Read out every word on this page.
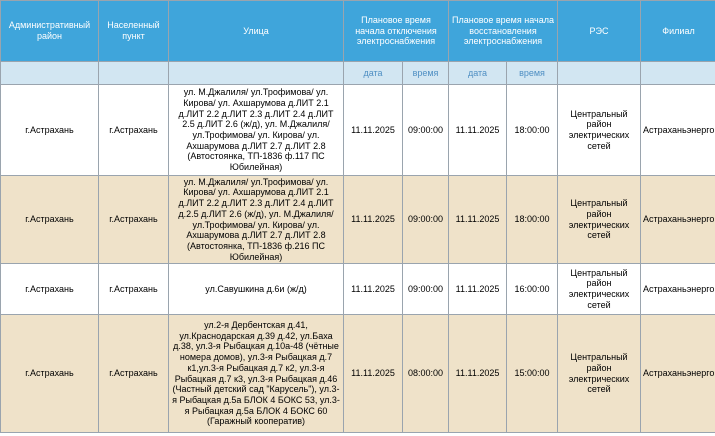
Административный район	Населенный пункт	Улица	Плановое время начала отключения электроснабжения		Плановое время начала восстановления электроснабжения		РЭС	Филиал
			дата	время	дата	время		
г.Астрахань	г.Астрахань	ул. М.Джалиля/ ул.Трофимова/ ул. Кирова/ ул. Ахшарумова д.ЛИТ 2.1 д.ЛИТ 2.2 д.ЛИТ 2.3 д.ЛИТ 2.4 д.ЛИТ 2.5 д.ЛИТ 2.6 (ж/д), ул. М.Джалиля/ ул.Трофимова/ ул. Кирова/ ул. Ахшарумова д.ЛИТ 2.7 д.ЛИТ 2.8 (Автостоянка, ТП-1836 ф.117 ПС Юбилейная)	11.11.2025	09:00:00	11.11.2025	18:00:00	Центральный район электрических сетей	Астраханьэнерго
г.Астрахань	г.Астрахань	ул. М.Джалиля/ ул.Трофимова/ ул. Кирова/ ул. Ахшарумова д.ЛИТ 2.1 д.ЛИТ 2.2 д.ЛИТ 2.3 д.ЛИТ 2.4 д.ЛИТ д.2.5 д.ЛИТ 2.6 (ж/д), ул. М.Джалиля/ ул.Трофимова/ ул. Кирова/ ул. Ахшарумова д.ЛИТ 2.7 д.ЛИТ 2.8 (Автостоянка, ТП-1836 ф.216 ПС Юбилейная)	11.11.2025	09:00:00	11.11.2025	18:00:00	Центральный район электрических сетей	Астраханьэнерго
г.Астрахань	г.Астрахань	ул.Савушкина д.6и (ж/д)	11.11.2025	09:00:00	11.11.2025	16:00:00	Центральный район электрических сетей	Астраханьэнерго
г.Астрахань	г.Астрахань	ул.2-я Дербентская д.41, ул.Краснодарская д.39 д.42, ул.Баха д.38, ул.3-я Рыбацкая д.10а-48 (чётные номера домов), ул.3-я Рыбацкая д.7 к1,ул.3-я Рыбацкая д.7 к2, ул.3-я Рыбацкая д.7 к3, ул.3-я Рыбацкая д.46 (Частный детский сад "Карусель"), ул.3-я Рыбацкая д.5а БЛОК 4 БОКС 53, ул.3-я Рыбацкая д.5а БЛОК 4 БОКС 60 (Гаражный кооператив)	11.11.2025	08:00:00	11.11.2025	15:00:00	Центральный район электрических сетей	Астраханьэнерго
